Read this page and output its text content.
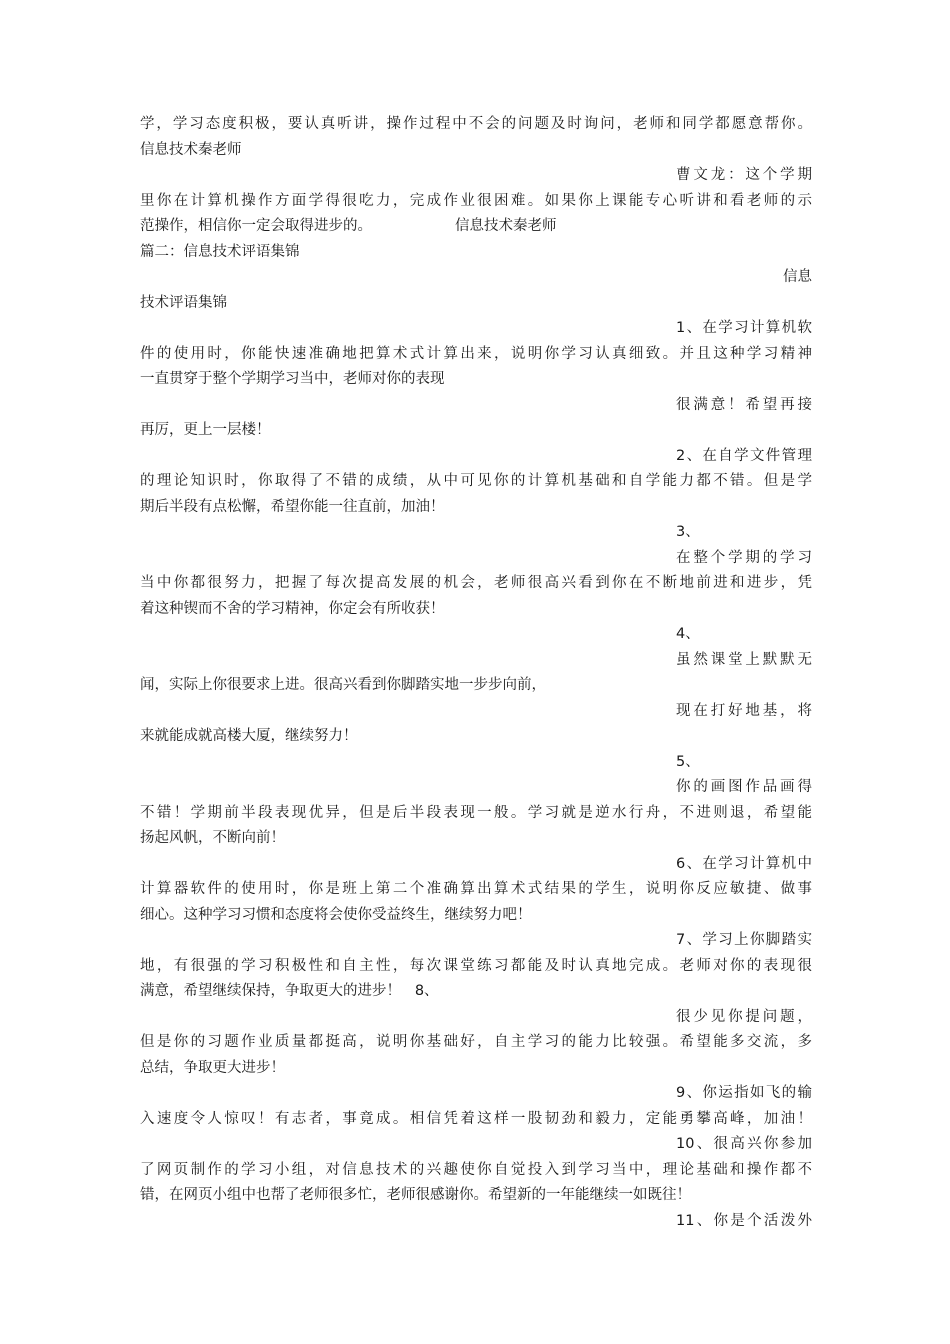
学，学习态度积极，要认真听讲，操作过程中不会的问题及时询问，老师和同学都愿意帮你。
信息技术秦老师
曹文龙：这个学期
里你在计算机操作方面学得很吃力，完成作业很困难。如果你上课能专心听讲和看老师的示
范操作，相信你一定会取得进步的。                  信息技术秦老师
篇二：信息技术评语集锦
信息
技术评语集锦
1、在学习计算机软
件的使用时，你能快速准确地把算术式计算出来，说明你学习认真细致。并且这种学习精神
一直贯穿于整个学期学习当中，老师对你的表现
很满意！希望再接
再厉，更上一层楼！
2、在自学文件管理
的理论知识时，你取得了不错的成绩，从中可见你的计算机基础和自学能力都不错。但是学
期后半段有点松懈，希望你能一往直前，加油！
3、
在整个学期的学习
当中你都很努力，把握了每次提高发展的机会，老师很高兴看到你在不断地前进和进步，凭
着这种锲而不舍的学习精神，你定会有所收获！
4、
虽然课堂上默默无
闻，实际上你很要求上进。很高兴看到你脚踏实地一步步向前，
现在打好地基，将
来就能成就高楼大厦，继续努力！
5、
你的画图作品画得
不错！学期前半段表现优异，但是后半段表现一般。学习就是逆水行舟，不进则退，希望能
扬起风帆，不断向前！
6、在学习计算机中
计算器软件的使用时，你是班上第二个准确算出算术式结果的学生，说明你反应敏捷、做事
细心。这种学习习惯和态度将会使你受益终生，继续努力吧！
7、学习上你脚踏实
地，有很强的学习积极性和自主性，每次课堂练习都能及时认真地完成。老师对你的表现很
满意，希望继续保持，争取更大的进步！   8、
很少见你提问题，
但是你的习题作业质量都挺高，说明你基础好，自主学习的能力比较强。希望能多交流，多
总结，争取更大进步！
9、你运指如飞的输
入速度令人惊叹！有志者，事竟成。相信凭着这样一股韧劲和毅力，定能勇攀高峰，加油！
10、很高兴你参加
了网页制作的学习小组，对信息技术的兴趣使你自觉投入到学习当中，理论基础和操作都不
错，在网页小组中也帮了老师很多忙，老师很感谢你。希望新的一年能继续一如既往！
11、你是个活泼外
